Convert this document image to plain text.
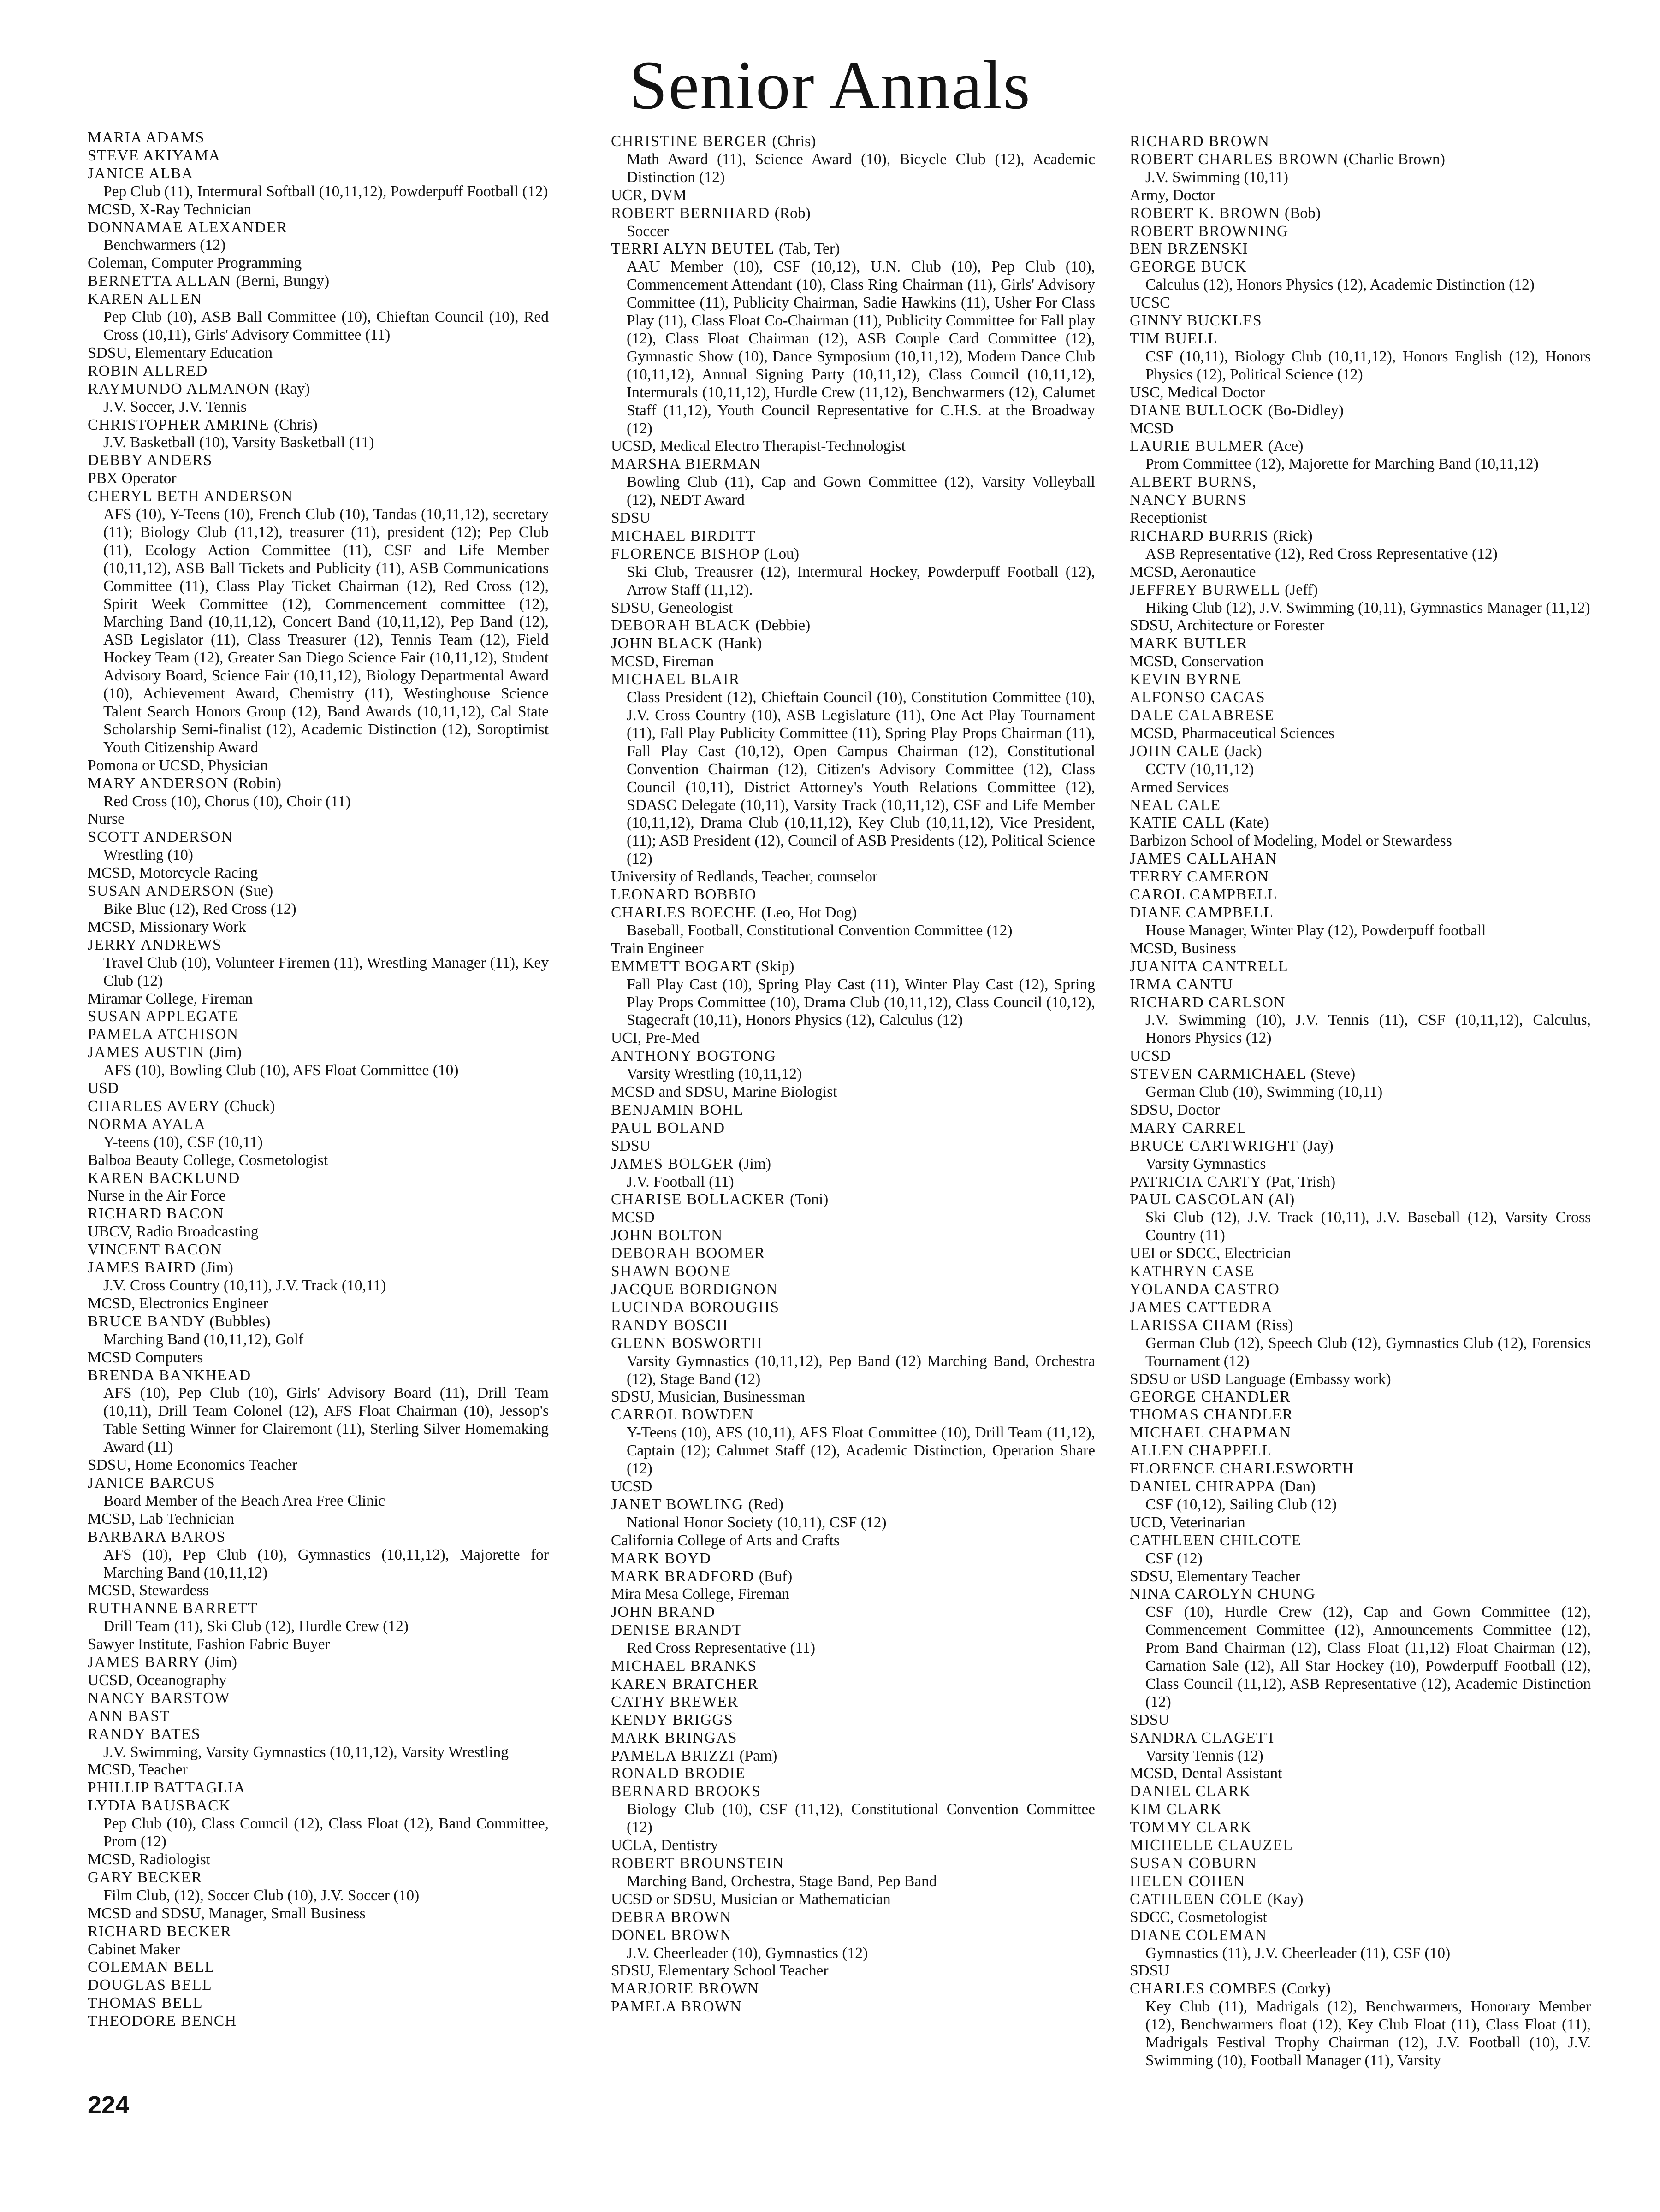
Senior Annals
MARIA ADAMS
STEVE AKIYAMA
JANICE ALBA
Pep Club (11), Intermural Softball (10,11,12), Powderpuff Football (12)
MCSD, X-Ray Technician
DONNAMAE ALEXANDER
Benchwarmers (12)
Coleman, Computer Programming
BERNETTA ALLAN (Berni, Bungy)
KAREN ALLEN
Pep Club (10), ASB Ball Committee (10), Chieftan Council (10), Red Cross (10,11), Girls' Advisory Committee (11)
SDSU, Elementary Education
ROBIN ALLRED
RAYMUNDO ALMANON (Ray)
J.V. Soccer, J.V. Tennis
CHRISTOPHER AMRINE (Chris)
J.V. Basketball (10), Varsity Basketball (11)
DEBBY ANDERS
PBX Operator
CHERYL BETH ANDERSON
AFS (10), Y-Teens (10), French Club (10), Tandas (10,11,12), secretary (11); Biology Club (11,12), treasurer (11), president (12); Pep Club (11), Ecology Action Committee (11), CSF and Life Member (10,11,12), ASB Ball Tickets and Publicity (11), ASB Communications Committee (11), Class Play Ticket Chairman (12), Red Cross (12), Spirit Week Committee (12), Commencement committee (12), Marching Band (10,11,12), Concert Band (10,11,12), Pep Band (12), ASB Legislator (11), Class Treasurer (12), Tennis Team (12), Field Hockey Team (12), Greater San Diego Science Fair (10,11,12), Student Advisory Board, Science Fair (10,11,12), Biology Departmental Award (10), Achievement Award, Chemistry (11), Westinghouse Science Talent Search Honors Group (12), Band Awards (10,11,12), Cal State Scholarship Semi-finalist (12), Academic Distinction (12), Soroptimist Youth Citizenship Award
Pomona or UCSD, Physician
MARY ANDERSON (Robin)
Red Cross (10), Chorus (10), Choir (11)
Nurse
SCOTT ANDERSON
Wrestling (10)
MCSD, Motorcycle Racing
SUSAN ANDERSON (Sue)
Bike Bluc (12), Red Cross (12)
MCSD, Missionary Work
JERRY ANDREWS
Travel Club (10), Volunteer Firemen (11), Wrestling Manager (11), Key Club (12)
Miramar College, Fireman
SUSAN APPLEGATE
PAMELA ATCHISON
JAMES AUSTIN (Jim)
AFS (10), Bowling Club (10), AFS Float Committee (10)
USD
CHARLES AVERY (Chuck)
NORMA AYALA
Y-teens (10), CSF (10,11)
Balboa Beauty College, Cosmetologist
KAREN BACKLUND
Nurse in the Air Force
RICHARD BACON
UBCV, Radio Broadcasting
VINCENT BACON
JAMES BAIRD (Jim)
J.V. Cross Country (10,11), J.V. Track (10,11)
MCSD, Electronics Engineer
BRUCE BANDY (Bubbles)
Marching Band (10,11,12), Golf
MCSD Computers
BRENDA BANKHEAD
AFS (10), Pep Club (10), Girls' Advisory Board (11), Drill Team (10,11), Drill Team Colonel (12), AFS Float Chairman (10), Jessop's Table Setting Winner for Clairemont (11), Sterling Silver Homemaking Award (11)
SDSU, Home Economics Teacher
JANICE BARCUS
Board Member of the Beach Area Free Clinic
MCSD, Lab Technician
BARBARA BAROS
AFS (10), Pep Club (10), Gymnastics (10,11,12), Majorette for Marching Band (10,11,12)
MCSD, Stewardess
RUTHANNE BARRETT
Drill Team (11), Ski Club (12), Hurdle Crew (12)
Sawyer Institute, Fashion Fabric Buyer
JAMES BARRY (Jim)
UCSD, Oceanography
NANCY BARSTOW
ANN BAST
RANDY BATES
J.V. Swimming, Varsity Gymnastics (10,11,12), Varsity Wrestling
MCSD, Teacher
PHILLIP BATTAGLIA
LYDIA BAUSBACK
Pep Club (10), Class Council (12), Class Float (12), Band Committee, Prom (12)
MCSD, Radiologist
GARY BECKER
Film Club, (12), Soccer Club (10), J.V. Soccer (10)
MCSD and SDSU, Manager, Small Business
RICHARD BECKER
Cabinet Maker
COLEMAN BELL
DOUGLAS BELL
THOMAS BELL
THEODORE BENCH
CHRISTINE BERGER (Chris)
Math Award (11), Science Award (10), Bicycle Club (12), Academic Distinction (12)
UCR, DVM
ROBERT BERNHARD (Rob)
Soccer
TERRI ALYN BEUTEL (Tab, Ter)
AAU Member (10), CSF (10,12), U.N. Club (10), Pep Club (10), Commencement Attendant (10), Class Ring Chairman (11), Girls' Advisory Committee (11), Publicity Chairman, Sadie Hawkins (11), Usher For Class Play (11), Class Float Co-Chairman (11), Publicity Committee for Fall play (12), Class Float Chairman (12), ASB Couple Card Committee (12), Gymnastic Show (10), Dance Symposium (10,11,12), Modern Dance Club (10,11,12), Annual Signing Party (10,11,12), Class Council (10,11,12), Intermurals (10,11,12), Hurdle Crew (11,12), Benchwarmers (12), Calumet Staff (11,12), Youth Council Representative for C.H.S. at the Broadway (12)
UCSD, Medical Electro Therapist-Technologist
MARSHA BIERMAN
Bowling Club (11), Cap and Gown Committee (12), Varsity Volleyball (12), NEDT Award
SDSU
MICHAEL BIRDITT
FLORENCE BISHOP (Lou)
Ski Club, Treausrer (12), Intermural Hockey, Powderpuff Football (12), Arrow Staff (11,12).
SDSU, Geneologist
DEBORAH BLACK (Debbie)
JOHN BLACK (Hank)
MCSD, Fireman
MICHAEL BLAIR
Class President (12), Chieftain Council (10), Constitution Committee (10), J.V. Cross Country (10), ASB Legislature (11), One Act Play Tournament (11), Fall Play Publicity Committee (11), Spring Play Props Chairman (11), Fall Play Cast (10,12), Open Campus Chairman (12), Constitutional Convention Chairman (12), Citizen's Advisory Committee (12), Class Council (10,11), District Attorney's Youth Relations Committee (12), SDASC Delegate (10,11), Varsity Track (10,11,12), CSF and Life Member (10,11,12), Drama Club (10,11,12), Key Club (10,11,12), Vice President, (11); ASB President (12), Council of ASB Presidents (12), Political Science (12)
University of Redlands, Teacher, counselor
LEONARD BOBBIO
CHARLES BOECHE (Leo, Hot Dog)
Baseball, Football, Constitutional Convention Committee (12)
Train Engineer
EMMETT BOGART (Skip)
Fall Play Cast (10), Spring Play Cast (11), Winter Play Cast (12), Spring Play Props Committee (10), Drama Club (10,11,12), Class Council (10,12), Stagecraft (10,11), Honors Physics (12), Calculus (12)
UCI, Pre-Med
ANTHONY BOGTONG
Varsity Wrestling (10,11,12)
MCSD and SDSU, Marine Biologist
BENJAMIN BOHL
PAUL BOLAND
SDSU
JAMES BOLGER (Jim)
J.V. Football (11)
CHARISE BOLLACKER (Toni)
MCSD
JOHN BOLTON
DEBORAH BOOMER
SHAWN BOONE
JACQUE BORDIGNON
LUCINDA BOROUGHS
RANDY BOSCH
GLENN BOSWORTH
Varsity Gymnastics (10,11,12), Pep Band (12) Marching Band, Orchestra (12), Stage Band (12)
SDSU, Musician, Businessman
CARROL BOWDEN
Y-Teens (10), AFS (10,11), AFS Float Committee (10), Drill Team (11,12), Captain (12); Calumet Staff (12), Academic Distinction, Operation Share (12)
UCSD
JANET BOWLING (Red)
National Honor Society (10,11), CSF (12)
California College of Arts and Crafts
MARK BOYD
MARK BRADFORD (Buf)
Mira Mesa College, Fireman
JOHN BRAND
DENISE BRANDT
Red Cross Representative (11)
MICHAEL BRANKS
KAREN BRATCHER
CATHY BREWER
KENDY BRIGGS
MARK BRINGAS
PAMELA BRIZZI (Pam)
RONALD BRODIE
BERNARD BROOKS
Biology Club (10), CSF (11,12), Constitutional Convention Committee (12)
UCLA, Dentistry
ROBERT BROUNSTEIN
Marching Band, Orchestra, Stage Band, Pep Band
UCSD or SDSU, Musician or Mathematician
DEBRA BROWN
DONEL BROWN
J.V. Cheerleader (10), Gymnastics (12)
SDSU, Elementary School Teacher
MARJORIE BROWN
PAMELA BROWN
RICHARD BROWN
ROBERT CHARLES BROWN (Charlie Brown)
J.V. Swimming (10,11)
Army, Doctor
ROBERT K. BROWN (Bob)
ROBERT BROWNING
BEN BRZENSKI
GEORGE BUCK
Calculus (12), Honors Physics (12), Academic Distinction (12)
UCSC
GINNY BUCKLES
TIM BUELL
CSF (10,11), Biology Club (10,11,12), Honors English (12), Honors Physics (12), Political Science (12)
USC, Medical Doctor
DIANE BULLOCK (Bo-Didley)
MCSD
LAURIE BULMER (Ace)
Prom Committee (12), Majorette for Marching Band (10,11,12)
ALBERT BURNS,
NANCY BURNS
Receptionist
RICHARD BURRIS (Rick)
ASB Representative (12), Red Cross Representative (12)
MCSD, Aeronautice
JEFFREY BURWELL (Jeff)
Hiking Club (12), J.V. Swimming (10,11), Gymnastics Manager (11,12)
SDSU, Architecture or Forester
MARK BUTLER
MCSD, Conservation
KEVIN BYRNE
ALFONSO CACAS
DALE CALABRESE
MCSD, Pharmaceutical Sciences
JOHN CALE (Jack)
CCTV (10,11,12)
Armed Services
NEAL CALE
KATIE CALL (Kate)
Barbizon School of Modeling, Model or Stewardess
JAMES CALLAHAN
TERRY CAMERON
CAROL CAMPBELL
DIANE CAMPBELL
House Manager, Winter Play (12), Powderpuff football
MCSD, Business
JUANITA CANTRELL
IRMA CANTU
RICHARD CARLSON
J.V. Swimming (10), J.V. Tennis (11), CSF (10,11,12), Calculus, Honors Physics (12)
UCSD
STEVEN CARMICHAEL (Steve)
German Club (10), Swimming (10,11)
SDSU, Doctor
MARY CARREL
BRUCE CARTWRIGHT (Jay)
Varsity Gymnastics
PATRICIA CARTY (Pat, Trish)
PAUL CASCOLAN (Al)
Ski Club (12), J.V. Track (10,11), J.V. Baseball (12), Varsity Cross Country (11)
UEI or SDCC, Electrician
KATHRYN CASE
YOLANDA CASTRO
JAMES CATTEDRA
LARISSA CHAM (Riss)
German Club (12), Speech Club (12), Gymnastics Club (12), Forensics Tournament (12)
SDSU or USD Language (Embassy work)
GEORGE CHANDLER
THOMAS CHANDLER
MICHAEL CHAPMAN
ALLEN CHAPPELL
FLORENCE CHARLESWORTH
DANIEL CHIRAPPA (Dan)
CSF (10,12), Sailing Club (12)
UCD, Veterinarian
CATHLEEN CHILCOTE
CSF (12)
SDSU, Elementary Teacher
NINA CAROLYN CHUNG
CSF (10), Hurdle Crew (12), Cap and Gown Committee (12), Commencement Committee (12), Announcements Committee (12), Prom Band Chairman (12), Class Float (11,12) Float Chairman (12), Carnation Sale (12), All Star Hockey (10), Powderpuff Football (12), Class Council (11,12), ASB Representative (12), Academic Distinction (12)
SDSU
SANDRA CLAGETT
Varsity Tennis (12)
MCSD, Dental Assistant
DANIEL CLARK
KIM CLARK
TOMMY CLARK
MICHELLE CLAUZEL
SUSAN COBURN
HELEN COHEN
CATHLEEN COLE (Kay)
SDCC, Cosmetologist
DIANE COLEMAN
Gymnastics (11), J.V. Cheerleader (11), CSF (10)
SDSU
CHARLES COMBES (Corky)
Key Club (11), Madrigals (12), Benchwarmers, Honorary Member (12), Benchwarmers float (12), Key Club Float (11), Class Float (11), Madrigals Festival Trophy Chairman (12), J.V. Football (10), J.V. Swimming (10), Football Manager (11), Varsity

224
